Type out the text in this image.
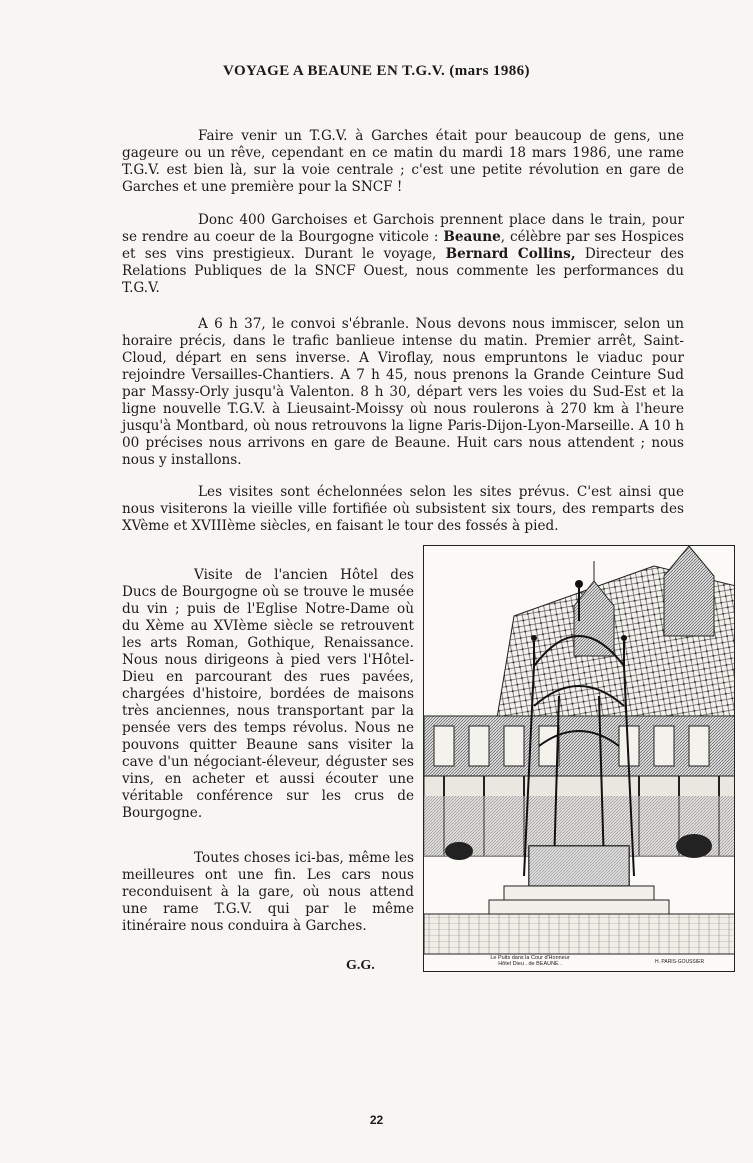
VOYAGE A BEAUNE EN T.G.V. (mars 1986)

Faire venir un T.G.V. à Garches était pour beaucoup de gens, une gageure ou un rêve, cependant en ce matin du mardi 18 mars 1986, une rame T.G.V. est bien là, sur la voie centrale ; c'est une petite révolution en gare de Garches et une première pour la SNCF !

Donc 400 Garchoises et Garchois prennent place dans le train, pour se rendre au coeur de la Bourgogne viticole : Beaune, célèbre par ses Hospices et ses vins prestigieux. Durant le voyage, Bernard Collins, Directeur des Relations Publiques de la SNCF Ouest, nous commente les performances du T.G.V.

A 6 h 37, le convoi s'ébranle. Nous devons nous immiscer, selon un horaire précis, dans le trafic banlieue intense du matin. Premier arrêt, Saint-Cloud, départ en sens inverse. A Viroflay, nous empruntons le viaduc pour rejoindre Versailles-Chantiers. A 7 h 45, nous prenons la Grande Ceinture Sud par Massy-Orly jusqu'à Valenton. 8 h 30, départ vers les voies du Sud-Est et la ligne nouvelle T.G.V. à Lieusaint-Moissy où nous roulerons à 270 km à l'heure jusqu'à Montbard, où nous retrouvons la ligne Paris-Dijon-Lyon-Marseille. A 10 h 00 précises nous arrivons en gare de Beaune. Huit cars nous attendent ; nous nous y installons.

Les visites sont échelonnées selon les sites prévus. C'est ainsi que nous visiterons la vieille ville fortifiée où subsistent six tours, des remparts des XVème et XVIIIème siècles, en faisant le tour des fossés à pied.

Visite de l'ancien Hôtel des Ducs de Bourgogne où se trouve le musée du vin ; puis de l'Eglise Notre-Dame où du Xème au XVIème siècle se retrouvent les arts Roman, Gothique, Renaissance. Nous nous dirigeons à pied vers l'Hôtel-Dieu en parcourant des rues pavées, chargées d'histoire, bordées de maisons très anciennes, nous transportant par la pensée vers des temps révolus. Nous ne pouvons quitter Beaune sans visiter la cave d'un négociant-éleveur, déguster ses vins, en acheter et aussi écouter une véritable conférence sur les crus de Bourgogne.

Toutes choses ici-bas, même les meilleures ont une fin. Les cars nous reconduisent à la gare, où nous attend une rame T.G.V. qui par le même itinéraire nous conduira à Garches.

G.G.	Le Puits dans la Cour d'Honneur
Hôtel Dieu . de BEAUNE .	H. PARIS-GOUSSIER
22
